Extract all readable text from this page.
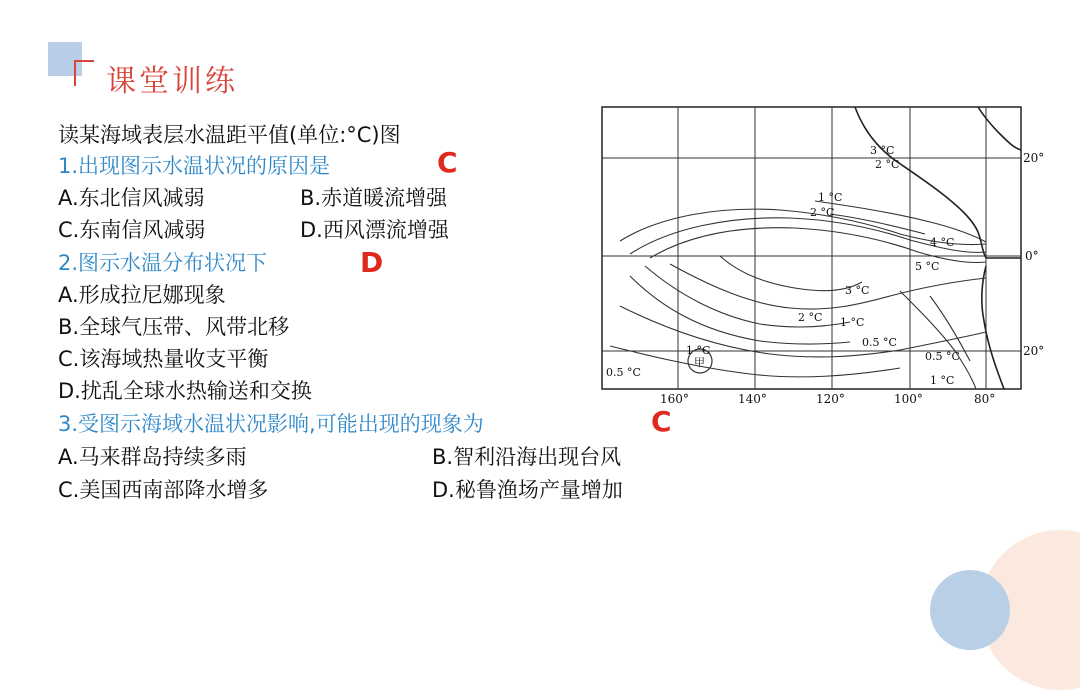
课堂训练
读某海域表层水温距平值(单位:°C)图
1.出现图示水温状况的原因是	C
A.东北信风减弱	B.赤道暖流增强
C.东南信风减弱	D.西风漂流增强
2.图示水温分布状况下	D
A.形成拉尼娜现象
B.全球气压带、风带北移
C.该海域热量收支平衡
D.扰乱全球水热输送和交换
3.受图示海域水温状况影响,可能出现的现象为	C
A.马来群岛持续多雨	B.智利沿海出现台风
C.美国西南部降水增多	D.秘鲁渔场产量增加
3 °C
2 °C
1 °C
2 °C
4 °C
5 °C
3 °C
2 °C 1 °C
0.5 °C
0.5 °C
1 °C
0.5 °C
1 °C
甲
160°	140°	120°	100°	80°
20°
0°
20°
